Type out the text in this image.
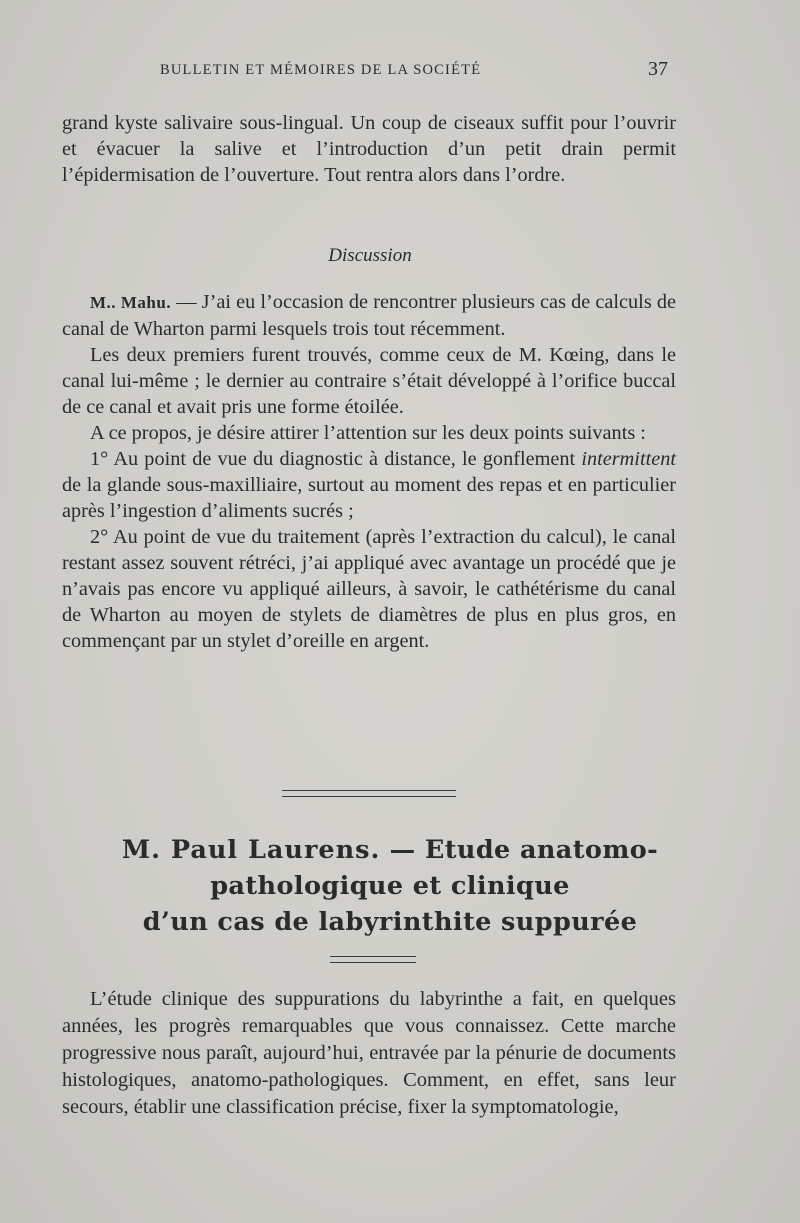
BULLETIN ET MÉMOIRES DE LA SOCIÉTÉ	37

grand kyste salivaire sous-lingual. Un coup de ciseaux suffit pour l’ouvrir et évacuer la salive et l’introduction d’un petit drain permit l’épidermisation de l’ouverture. Tout rentra alors dans l’ordre.

Discussion

M.. Mahu. — J’ai eu l’occasion de rencontrer plusieurs cas de calculs de canal de Wharton parmi lesquels trois tout récemment.

Les deux premiers furent trouvés, comme ceux de M. Kœing, dans le canal lui-même ; le dernier au contraire s’était développé à l’orifice buccal de ce canal et avait pris une forme étoilée.

A ce propos, je désire attirer l’attention sur les deux points suivants :

1° Au point de vue du diagnostic à distance, le gonflement intermittent de la glande sous-maxilliaire, surtout au moment des repas et en particulier après l’ingestion d’aliments sucrés ;

2° Au point de vue du traitement (après l’extraction du calcul), le canal restant assez souvent rétréci, j’ai appliqué avec avantage un procédé que je n’avais pas encore vu appliqué ailleurs, à savoir, le cathétérisme du canal de Wharton au moyen de stylets de diamètres de plus en plus gros, en commençant par un stylet d’oreille en argent.

M. Paul Laurens. — Etude anatomo-
pathologique et clinique
d’un cas de labyrinthite suppurée

L’étude clinique des suppurations du labyrinthe a fait, en quelques années, les progrès remarquables que vous connaissez. Cette marche progressive nous paraît, aujourd’hui, entravée par la pénurie de documents histologiques, anatomo-pathologiques. Comment, en effet, sans leur secours, établir une classification précise, fixer la symptomatologie,
